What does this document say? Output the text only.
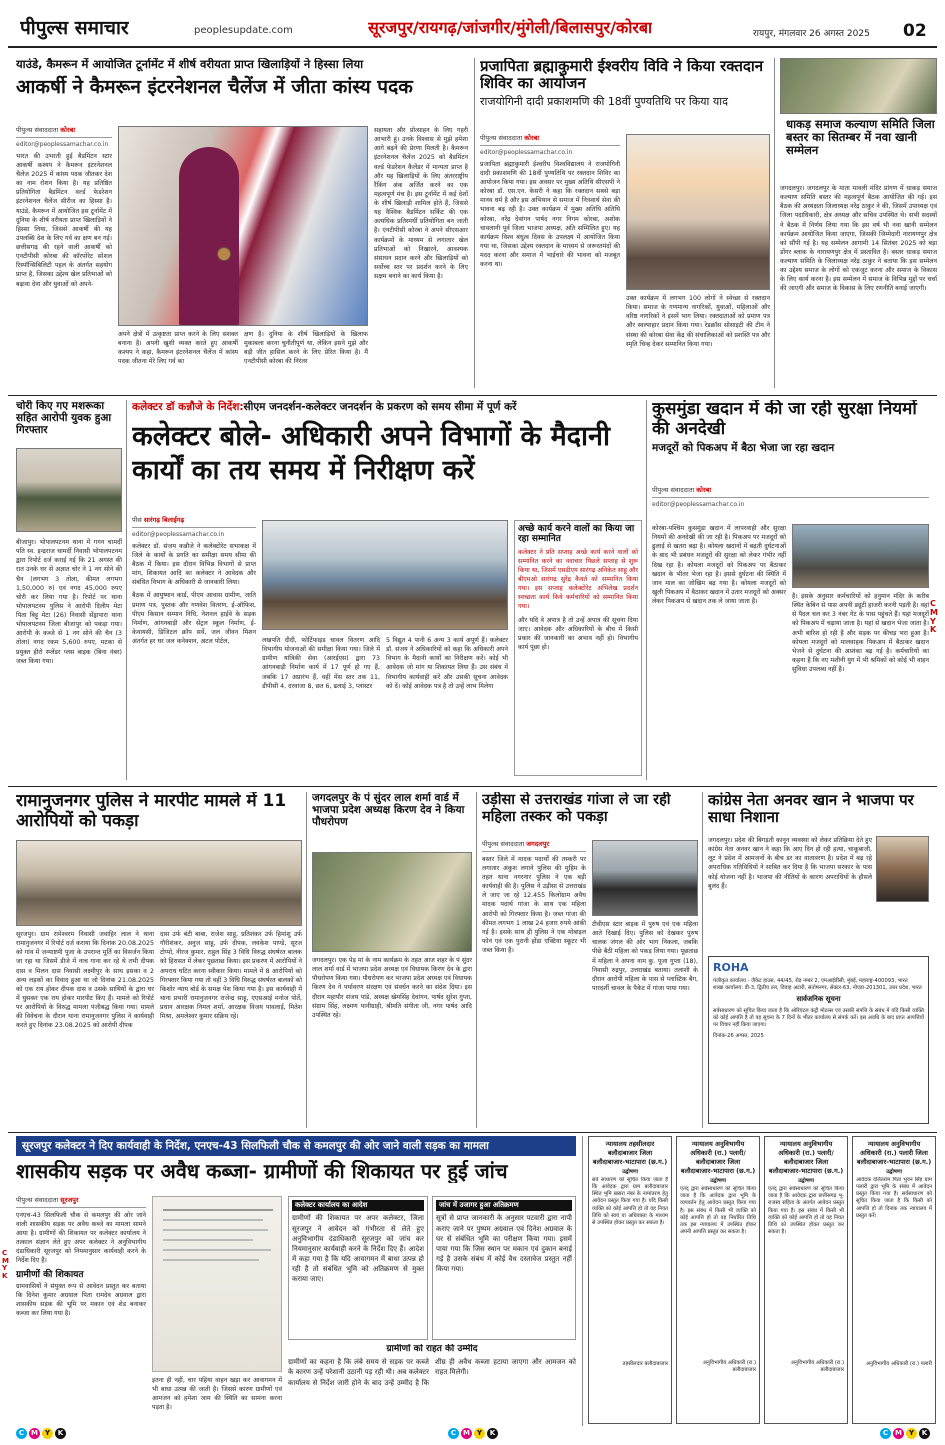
पीपुल्स समाचार	peoplesupdate.com	सूरजपुर/रायगढ़/जांजगीर/मुंगेली/बिलासपुर/कोरबा	रायपुर, मंगलवार 26 अगस्त 2025 02
याउंडे, कैमरून में आयोजित टूर्नामेंट में शीर्ष वरीयता प्राप्त खिलाड़ियों ने हिस्सा लिया
आकर्षी ने कैमरून इंटरनेशनल चैलेंज में जीता कांस्य पदक
पीपुल्स संवाददाता कोरबा
editor@peoplessamachar.co.in
भारत की उभरती हुई बैडमिंटन स्टार आकर्षी कश्यप ने कैमरून इंटरनेशनल चैलेंज 2025 में कांस्य पदक जीतकर देश का नाम रोशन किया है। यह प्रतिष्ठित प्रतियोगिता बैडमिंटन वर्ल्ड फेडरेशन इंटरनेशनल चैलेंज सीरीज का हिस्सा है। याउंडे, कैमरून में आयोजित इस टूर्नामेंट में दुनिया के शीर्ष वरीयता प्राप्त खिलाड़ियों ने हिस्सा लिया, जिससे आकर्षी की यह उपलब्धि देश के लिए गर्व का क्षण बन गई। छत्तीसगढ़ की रहने वाली आकर्षी को एनटीपीसी कोरबा की कॉरपोरेट सोशल रिस्पॉन्सिबिलिटी पहल के अंतर्गत सहयोग प्राप्त है, जिसका उद्देश्य खेल प्रतिभाओं को बढ़ावा देना और युवाओं को अपने-
अपने क्षेत्रों में उत्कृष्टता प्राप्त करने के लिए सशक्त बनाना है। अपनी खुशी व्यक्त करते हुए आकर्षी कश्यप ने कहा, कैमरून इंटरनेशनल चैलेंज में कांस्य पदक जीतना मेरे लिए गर्व का
क्षण है। दुनिया के शीर्ष खिलाड़ियों के खिलाफ मुकाबला करना चुनौतीपूर्ण था, लेकिन इसने मुझे और बड़ी जीत हासिल करने के लिए प्रेरित किया है। मैं एनटीपीसी कोरबा की निरंतर
सहायता और प्रोत्साहन के लिए गहरी आभारी हूं। उनके विश्वास से मुझे हमेशा आगे बढ़ने की प्रेरणा मिलती है। कैमरून इंटरनेशनल चैलेंज 2025 को बैडमिंटन वर्ल्ड फेडरेशन कैलेंडर में मान्यता प्राप्त है और यह खिलाड़ियों के लिए अंतरराष्ट्रीय रैंकिंग अंक अर्जित करने का एक महत्वपूर्ण मंच है। इस टूर्नामेंट में कई देशों के शीर्ष खिलाड़ी शामिल होते हैं, जिससे यह वैश्विक बैडमिंटन सर्किट की एक अत्यधिक प्रतिस्पर्धी प्रतियोगिता बन जाती है। एनटीपीसी कोरबा ने अपने सीएसआर कार्यक्रमों के माध्यम से लगातार खेल प्रतिभाओं को निखारने, आवश्यक संसाधन प्रदान करने और खिलाड़ियों को सर्वोच्च स्तर पर प्रदर्शन करने के लिए सक्षम बनाने का कार्य किया है।
प्रजापिता ब्रह्माकुमारी ईश्वरीय विवि ने किया रक्तदान शिविर का आयोजन
राजयोगिनी दादी प्रकाशमणि की 18वीं पुण्यतिथि पर किया याद
पीपुल्स संवाददाता कोरबा
editor@peoplessamachar.co.in
प्रजापिता ब्रह्माकुमारी ईश्वरीय विश्वविद्यालय ने राजयोगिनी दादी प्रकाशमणि की 18वीं पुण्यतिथि पर रक्तदान शिविर का आयोजन किया गया। इस अवसर पर मुख्य अतिथि सीएसपी ने कोरबा डॉ. एस.एन. केसरी ने कहा कि रक्तदान सबसे बड़ा मानव धर्म है और इस अभियान से समाज में निःस्वार्थ सेवा की भावना बढ़ रही है। उक्त कार्यक्रम में मुख्य अतिथि अतिथि कोरबा, नरेंद्र देवांगन पार्षद नगर निगम कोरबा, अशोक चावलानी पूर्व जिला भाजपा अध्यक्ष, अति सम्मिलित हुए। यह कार्यक्रम विश्व बंधुत्व दिवस के उपलक्ष्य में आयोजित किया गया था, जिसका उद्देश्य रक्तदान के माध्यम से जरूरतमंदों की मदद करना और समाज में भाईचारे की भावना को मजबूत करना था।
उक्त कार्यक्रम में लगभग 100 लोगों ने स्वेच्छा से रक्तदान किया। समाज के गणमान्य नागरिकों, युवाओं, महिलाओं और वरिष्ठ नागरिकों ने इसमें भाग लिया। रक्तदाताओं को प्रमाण पत्र और स्वल्पाहार प्रदान किया गया। रेडक्रॉस सोसाइटी की टीम ने संस्था की कोरबा सेवा केंद्र की संचालिकाओं को प्रशस्ति पत्र और स्मृति चिन्ह देकर सम्मानित किया गया।
धाकड़ समाज कल्याण समिति जिला बस्तर का सितम्बर में नवा खानी सम्मेलन
जगदलपुर। जगदलपुर के माता मावली मंदिर प्रांगण में धाकड़ समाज कल्याण समिति बस्तर की महत्वपूर्ण बैठक आयोजित की गई। इस बैठक की अध्यक्षता जिलाध्यक्ष नरेंद्र ठाकुर ने की, जिसमें उपाध्यक्ष एवं जिला पदाधिकारी, क्षेत्र अध्यक्ष और सचिव उपस्थित थे। सभी सदस्यों ने बैठक में निर्णय लिया गया कि इस वर्ष भी नवा खानी सम्मेलन कार्यक्रम आयोजित किया जाएगा, जिसकी जिम्मेदारी नारायणपुर क्षेत्र को सौंपी गई है। यह सम्मेलन आगामी 14 सितंबर 2025 को बड़ा डोंगर ब्लाक के नारायणपुर क्षेत्र में प्रस्तावित है। बस्तर धाकड़ समाज कल्याण समिति के जिलाध्यक्ष नरेंद्र ठाकुर ने बताया कि इस सम्मेलन का उद्देश्य समाज के लोगों को एकजुट करना और समाज के विकास के लिए कार्य करना है। इस सम्मेलन में समाज के विभिन्न मुद्दों पर चर्चा की जाएगी और समाज के विकास के लिए रणनीति बनाई जाएगी।
चोरी किए गए मशरूका सहित आरोपी युवक हुआ गिरफ्तार
बीजापुर। भोपालपटनम थाना में गगन चामर्दी पति स्व. इन्द्रराज चामर्दी निवासी भोपालपटनम द्वारा रिपोर्ट दर्ज कराई गई कि 21 अगस्त की रात उनके घर से अज्ञात चोर ने 1 नग सोने की चैन (लगभग 3 तोला, कीमत लगभग 1,50,000 रु) एवं नगद 45,000 रुपए चोरी कर लिया गया है। रिपोर्ट पर थाना भोपालपटनम पुलिस ने आरोपी दिलीप मेटा पिता बिट्टू मेटा (26) निवासी सेंड्रापारा थाना भोपालपटनम जिला बीजापुर को पकड़ा गया। आरोपी के कब्जे से 1 नग सोने की चैन (3 तोला) नगद रकम 5,600 रुपए, मटका से प्रयुक्त हीरो स्प्लेंडर प्लस बाइक (बिना नंबर) जब्त किया गया।
कलेक्टर डॉ कन्नौजे के निर्देश:सीएम जनदर्शन-कलेक्टर जनदर्शन के प्रकरण को समय सीमा में पूर्ण करें
कलेक्टर बोले- अधिकारी अपने विभागों के मैदानी कार्यों का तय समय में निरीक्षण करें
पीसं सारंगढ़ बिलाईगढ़
editor@peoplessamachar.co.in
कलेक्टर डॉ. संजय कन्नौजे ने कलेक्टोरेट सभाकक्ष में जिले के कार्यों के प्रगति का समीक्षा समय सीमा की बैठक में किया। इस दौरान विभिन्न विभागों से प्राप्त मांग, शिकायत आदि का कलेक्टर ने आवेदक और संबंधित विभाग के अधिकारी से जानकारी लिया।
बैठक में आयुष्मान कार्ड, पीएम आवास ग्रामीण, जाति प्रमाण पत्र, पुस्तक और गणवेश वितरण, ई-ऑफिस, पीएम किसान सम्मान निधि, नेशनल हाईवे के सड़क निर्माण, आंगनबाड़ी और सेंट्रल स्कूल निर्माण, ई-केवायसी, डिजिटल क्रॉप सर्वे, जल जीवन मिशन अंतर्गत हर घर जल कनेक्शन, अटल पोर्टल,	लखपति दीदी, फोर्टिफाइड चावल वितरण आदि विभागीय योजनाओं की समीक्षा किया गया। जिले में ग्रामीण यांत्रिकी सेवा (आरईएस) द्वारा 73 आंगनबाड़ी निर्माण कार्य में 17 पूर्ण हो गए हैं, जबकि 17 अप्रारंभ हैं, वहीं मेंस स्तर तक 11, डीपीसी 4, दरवाजा 8, छत 6, ढलाई 3, प्लास्टर
5 विद्युत 4 पानी 6 अन्य 3 कार्य अपूर्ण हैं। कलेक्टर डॉ. संजय ने अधिकारियों को कहा कि अधिकारी अपने विभाग के मैदानी कार्यों का निरीक्षण करें। कोई भी आवेदक जो मांग या शिकायत लिया हैं। उस संबंध में विभागीय कार्यवाही करें और उसकी सूचना आवेदक को दें। कोई आवेदक पत्र है तो उन्हें लाभ मिलेगा
अच्छे कार्य करने वालों का किया जा रहा सम्मानित
कलेक्टर ने प्रति सप्ताह अच्छे कार्य करने वालों को सम्मानित करने का नवाचार पिछले सप्ताह से शुरू किया था, जिसमें एसडीएम सारंगढ़ अनिकेत साहू और बीएमओ सारंगढ़ सुरेंद्र कैवर्त को सम्मानित किया गया। इस सप्ताह कलेक्टोरेट अभिलेख प्रदर्शन स्वच्छता कार्य किये कर्मचारियों को सम्मानित किया गया।
और यदि वे अपात्र है तो उन्हें अपात्र की सूचना दिया जाए। आवेदक और अधिकारियों के बीच में किसी प्रकार की जानकारी का अभाव नहीं हो। विभागीय कार्य पूछा हो।
कुसमुंडा खदान में की जा रही सुरक्षा नियमों की अनदेखी
मजदूरों को पिकअप में बैठा भेजा जा रहा खदान
पीपुल्स संवाददाता कोरबा
editor@peoplessamachar.co.in
कोरबा-पश्चिम कुसमुंडा खदान में लापरवाही और सुरक्षा नियमों की अनदेखी की जा रही है। पिकअप पर मजदूरों को ढुलाई से खतरा बढ़ा है। कोयला खदानों में बढ़ती दुर्घटनाओं के बाद भी प्रबंधन मजदूरों की सुरक्षा को लेकर गंभीर नहीं दिख रहा है। कोयला मजदूरों को पिकअप पर बैठाकर खदान के भीतर भेजा रहा है। इससे दुर्घटना की स्थिति में जान माल का जोखिम बढ़ गया है। कोयला मजदूरों को खुली पिकअप में बैठाकर खदान में उतार मजदूरों को अक्सर लेकर पिकअप से खदान तक ले जाया जाता है।
है। इसके अनुसार कर्मचारियों को हनुमान मंदिर के करीब स्थित केबिन से पास अपनी ड्यूटी हाजरी करनी पड़ती है। वहां से पैदल चल कर 3 नंबर गेट के पास पहुंचते हैं। यहां मजदूरों को पिकअप में चढ़ाया जाता है। यहां से खदान भेजा जाता है। अभी बारिश हो रही है और सड़क पर कीचड़ भरा हुआ है। कोयला मजदूरों को मालवाहक पिकअप में बैठाकर खदान भेजने से दुर्घटना की आशंका बढ़ गई है। कर्मचारियों का कहना है कि नए मशीनी युग में भी श्रमिकों को कोई भी वाहन सुविधा उपलब्ध नहीं है।
C
M
Y
K
रामानुजनगर पुलिस ने मारपीट मामले में 11 आरोपियों को पकड़ा
सूरजपुर। ग्राम रामेश्वरम निवासी जवाहिर लाल ने थाना रामानुजनगर में रिपोर्ट दर्ज कराया कि दिनांक 20.08.2025 को गांव में जन्माष्टमी पूजा के उपरान्त मूर्ति का विसर्जन किया जा रहा था जिसमें डीजे में नाच गाना कर रहे थे तभी दीपक दास व मिलन दास निवासी लक्ष्मीपुर के साथ इसका व 2 अन्य लड़कों का विवाद हुआ था जो दिनांक 21.08.2025 को एक राय होकर दीपक दास व उसके साथियों के द्वारा घर में घुसकर एक राय होकर मारपीट किए हैं। मामले को रिपोर्ट पर आरोपियों के विरुद्ध मामला पंजीबद्ध किया गया। मामले की विवेचना के दौरान थाना रामानुजनगर पुलिस ने कार्यवाही करते हुए दिनांक 23.08.2025 को आरोपी दीपक
दास उर्फ बंटी बाबा, राजेश साहू, प्रतिशंकर उर्फ हिमांशु उर्फ गौरीशंकर, अनुज साहू, उर्फ दीपक, लवकेश पाण्डे, सूरज टोप्पो, नीरज कुमार, राहुल सिंह 3 विधि विरुद्ध संघर्षरत बालक को हिरासत में लेकर पूछताछ किया। इस प्रकरण में आरोपियों ने अपराध घटित करना स्वीकार किया। मामले में 8 आरोपियों को गिरफ्तार किया गया तो वहीं 3 विधि विरुद्ध संघर्षरत बालकों को किशोर न्याय बोर्ड के समक्ष पेश किया गया है। इस कार्यवाही में थाना प्रभारी रामानुजनगर राजेन्द्र साहू, एएसआई मनोज पोर्ते, प्रधान आरक्षक निमल शर्मा, आरक्षक विजय पावलाई, मितेश मिश्रा, अमलेश्वर कुमार सक्रिय रहे।
जगदलपुर के पं सुंदर लाल शर्मा वार्ड में भाजपा प्रदेश अध्यक्ष किरण देव ने किया पौधरोपण
जगदलपुर। एक पेड़ मां के नाम कार्यक्रम के तहत आज शहर के पं सुंदर लाल शर्मा वार्ड में भाजपा प्रदेश अध्यक्ष एवं विधायक किरण देव के द्वारा पौधरोपण किया गया। पौधरोपण कर भाजपा प्रदेश अध्यक्ष एवं विधायक किरण देव ने पर्यावरण संरक्षण एवं संवर्धन करने का संदेश दिया। इस दौरान महापौर संजय पांडे, अध्यक्ष खेमसिंह देवांगन, पार्षद सुरेश गुप्ता, संग्राम सिंह, लक्ष्मण पानीग्राही, श्रीमति संगीता जी, नगर पार्षद आदि उपस्थित रहे।
उड़ीसा से उत्तराखंड गांजा ले जा रही महिला तस्कर को पकड़ा
पीपुल्स संवाददाता जगदलपुर
बस्तर जिले में मादक पदार्थों की तस्करी पर लगातार अंकुश लगाने पुलिस की मुहिम के तहत थाना नगरनार पुलिस ने एक बड़ी कार्यवाही की है। पुलिस ने उड़ीसा से उत्तराखंड ले जाए जा रहे 12.455 किलोग्राम अवैध मादक पदार्थ गांजा के साथ एक महिला आरोपी को गिरफ्तार किया है। जब्त गांजा की कीमत लगभग 1 लाख 24 हजार रुपये आंकी गई है। इसके साथ ही पुलिस ने एक मोबाइल फोन एवं एक पुरानी होंडा एक्टिवा स्कूटर भी जब्त किया है।
टीवीएस स्टार बाइक में पुरुष एवं एक महिला आते दिखाई दिए। पुलिस को देखकर पुरुष चालक जंगल की ओर भाग निकला, जबकि पीछे बैठी महिला को पकड़ लिया गया। पूछताछ में महिला ने अपना नाम कु. पूजा गुप्ता (18), निवासी रुद्रपुर, उत्तराखंड बताया। तलाशी के दौरान आरोपी महिला के पास से प्लास्टिक बैग, पारदर्शी चावल के पैकेट में गांजा पाया गया।
कांग्रेस नेता अनवर खान ने भाजपा पर साधा निशाना
जगदलपुर। प्रदेश की बिगड़ती कानून व्यवस्था को लेकर प्रतिक्रिया देते हुए कांग्रेस नेता अनवर खान ने कहा कि आए दिन हो रही हत्या, चाकूबाजी, लूट ने प्रदेश में आमजनों के बीच डर का वातावरण है। प्रदेश में बढ़ रहे अपराधिक गतिविधियों ने साबित कर दिया है कि भाजपा सरकार के पास कोई योजना नहीं है। भाजपा की नीतियों के कारण अपराधियों के हौसले बुलंद हैं।
ROHA
पंजीकृत कार्यालय - जैकेट हाउस, 44/45, रोड नम्बर 2, एमआईडीसी, मुंबई, महाराष्ट्र-400093, भारत
शाखा कार्यालय: डी-3, द्वितीय तल, विवाह अटारी, संतोषनगर, सेक्टर-63, नोएडा-201301, उत्तर प्रदेश, भारत
सार्वजनिक सूचना
सर्वसाधारण को सूचित किया जाता है कि ओरिएंटल कंट्री मोटल्स एवं उसकी संपत्ति के संबंध में यदि किसी व्यक्ति को कोई आपत्ति है तो वह सूचना के 7 दिनों के भीतर कार्यालय से संपर्क करें। इस अवधि के बाद प्राप्त आपत्तियों पर विचार नहीं किया जाएगा।
दिनांक-26 अगस्त, 2025
सूरजपुर कलेक्टर ने दिए कार्यवाही के निर्देश, एनएच-43 सिलफिली चौक से कमलपुर की ओर जाने वाली सड़क का मामला
शासकीय सड़क पर अवैध कब्जा- ग्रामीणों की शिकायत पर हुई जांच
पीपुल्स संवाददाता सूरजपुर
एनएच-43 सिलफिली चौक से कमलपुर की ओर जाने वाली शासकीय सड़क पर अवैध कब्जे का मामला सामने आया है। ग्रामीणों की शिकायत पर कलेक्टर कार्यालय ने तत्काल संज्ञान लेते हुए अपर कलेक्टर ने अनुविभागीय दंडाधिकारी सूरजपुर को नियमानुसार कार्यवाही करने के निर्देश दिए हैं।
ग्रामीणों की शिकायत
ग्रामवासियों ने संयुक्त रूप से आवेदन प्रस्तुत कर बताया कि दिनेश कुमार अग्रवाल पिता रामदेव अग्रवाल द्वारा शासकीय सड़क की भूमि पर मकान एवं शेड बनाकर कब्जा कर लिया गया है।
इतना ही नहीं, चार पहिया वाहन खड़ा कर आवागमन में भी बाधा उत्पन्न की जाती है। जिससे कारण ग्रामीणों एवं आमजन को हमेशा जाम की स्थिति का सामना करना पड़ता है।
कलेक्टर कार्यालय का आदेश
ग्रामीणों की शिकायत पर अपर कलेक्टर, जिला सूरजपुर ने आवेदन को गंभीरता से लेते हुए अनुविभागीय दंडाधिकारी सूरजपुर को जांच कर नियमानुसार कार्यवाही करने के निर्देश दिए हैं। आदेश में कहा गया है कि यदि आवागमन में बाधा उत्पन्न हो रही है तो संबंधित भूमि को अतिक्रमण से मुक्त कराया जाए।
जांच में उजागर हुआ अतिक्रमण
सूत्रों से प्राप्त जानकारी के अनुसार पटवारी द्वारा नापी कराए जाने पर पुष्पम अग्रवाल एवं दिनेश अग्रवाल के घर से संबंधित भूमि का परीक्षण किया गया। इसमें पाया गया कि जिस स्थान पर मकान एवं दुकान बनाई गई है उसके संबंध में कोई वैध दस्तावेज प्रस्तुत नहीं किया गया।
ग्रामीणों को राहत की उम्मीद
ग्रामीणों का कहना है कि लंबे समय से सड़क पर कब्जे के कारण उन्हें परेशानी उठानी पड़ रही थी। अब कलेक्टर कार्यालय से निर्देश जारी होने के बाद उन्हें उम्मीद है कि शीघ्र ही अवैध कब्जा हटाया जाएगा और आमजन को राहत मिलेगी।
न्यायालय तहसीलदार बलौदाबाजार जिला बलौदाबाजार-भाटापारा (छ.ग.)
उद्घोषणा
सर्व साधारण को सूचित किया जाता है कि आवेदक द्वारा ग्राम बलौदाबाजार स्थित भूमि खसरा नंबर के नामांतरण हेतु आवेदन प्रस्तुत किया गया है। यदि किसी व्यक्ति को कोई आपत्ति हो तो वह नियत तिथि को स्वयं या अधिवक्ता के माध्यम से उपस्थित होकर प्रस्तुत कर सकता है।
तहसीलदार बलौदाबाजार
न्यायालय अनुविभागीय अधिकारी (रा.) पलारी/बलौदाबाजार जिला बलौदाबाजार-भाटापारा (छ.ग.)
उद्घोषणा
एतद् द्वारा सर्वसाधारण को सूचित किया जाता है कि आवेदक द्वारा भूमि के व्यपवर्तन हेतु आवेदन प्रस्तुत किया गया है। इस संबंध में किसी भी व्यक्ति को कोई आपत्ति हो तो वह निर्धारित तिथि तक इस न्यायालय में उपस्थित होकर अपनी आपत्ति प्रस्तुत कर सकता है।
अनुविभागीय अधिकारी (रा.) बलौदाबाजार
न्यायालय अनुविभागीय अधिकारी (रा.) पलारी/बलौदाबाजार जिला बलौदाबाजार-भाटापारा (छ.ग.)
उद्घोषणा
एतद् द्वारा सर्वसाधारण को सूचित किया जाता है कि आवेदक द्वारा छत्तीसगढ़ भू-राजस्व संहिता के अंतर्गत आवेदन प्रस्तुत किया गया है। इस संबंध में किसी भी व्यक्ति को कोई आपत्ति हो तो वह नियत तिथि को उपस्थित होकर प्रस्तुत कर सकता है।
अनुविभागीय अधिकारी (रा.) बलौदाबाजार
न्यायालय अनुविभागीय अधिकारी (रा.) पलारी जिला बलौदाबाजार-भाटापारा (छ.ग.)
उद्घोषणा
आवेदक दलितराम पिता भुवन सिंह ग्राम पलारी द्वारा भूमि के संबंध में आवेदन प्रस्तुत किया गया है। सर्वसाधारण को सूचित किया जाता है कि किसी को आपत्ति हो तो दिनांक तक न्यायालय में प्रस्तुत करें।
अनुविभागीय अधिकारी (रा.) पलारी
C M Y	K	C M Y	K	C M Y	K
C
M
Y
K
